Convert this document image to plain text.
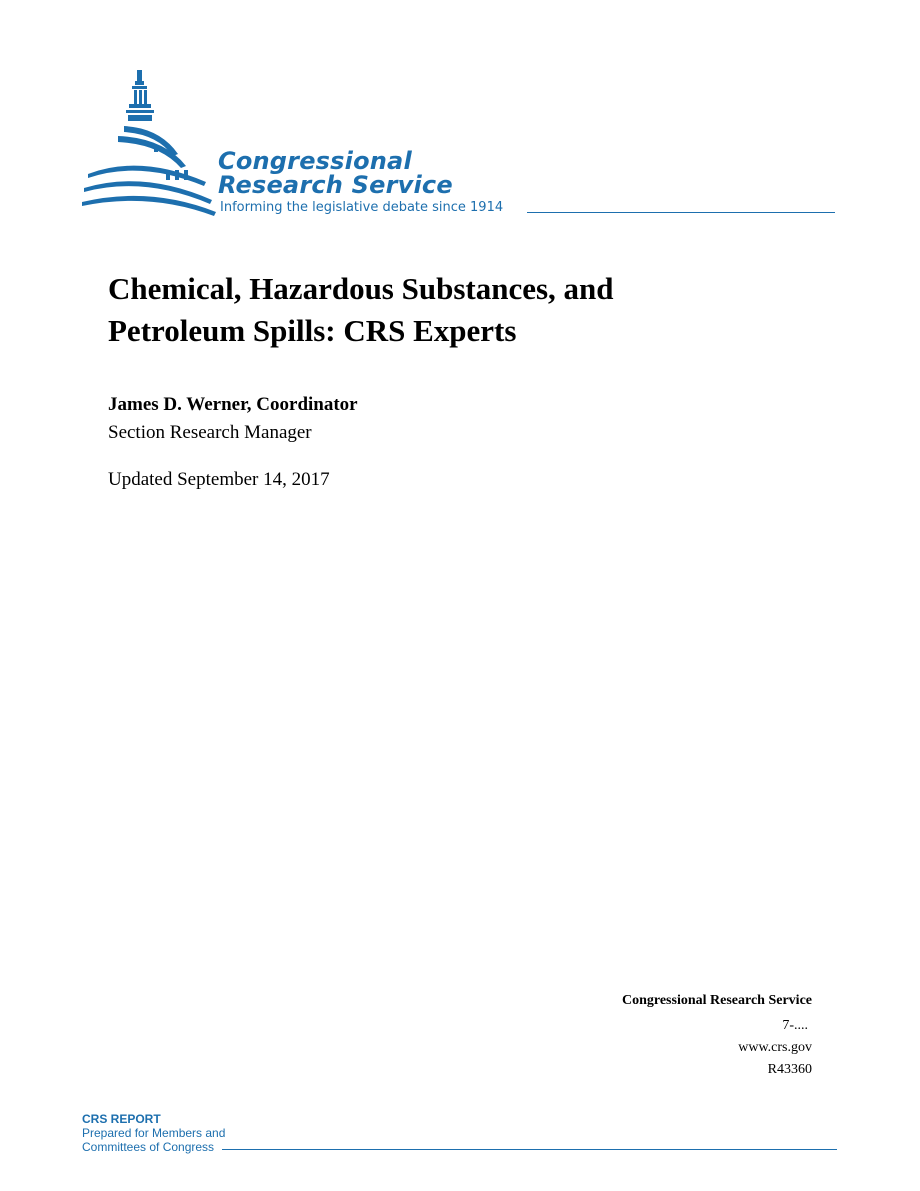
Congressional
Research Service
Informing the legislative debate since 1914
Chemical, Hazardous Substances, and Petroleum Spills: CRS Experts
James D. Werner, Coordinator
Section Research Manager
Updated September 14, 2017
Congressional Research Service
7-....
www.crs.gov
R43360
CRS REPORT
Prepared for Members and
Committees of Congress
